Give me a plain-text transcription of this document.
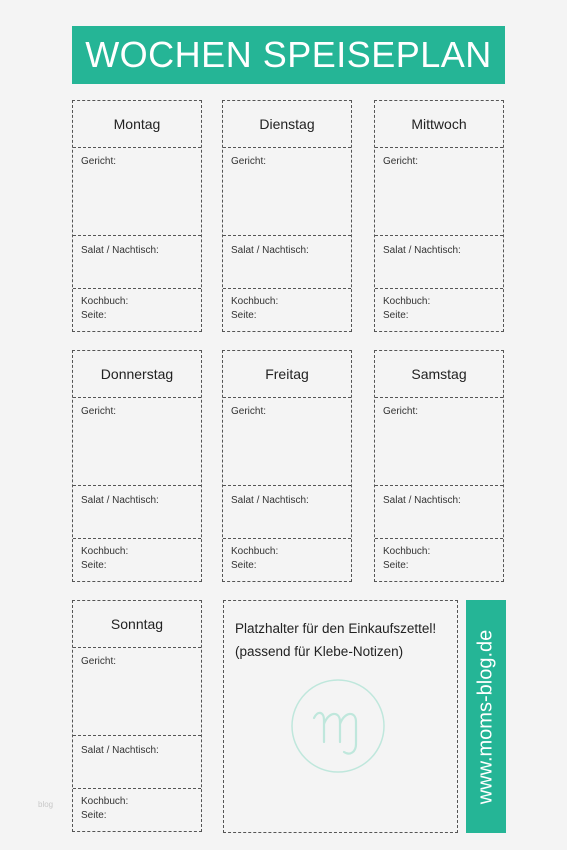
WOCHEN SPEISEPLAN
Montag
Gericht:
Salat / Nachtisch:
Kochbuch:
Seite:
Dienstag
Gericht:
Salat / Nachtisch:
Kochbuch:
Seite:
Mittwoch
Gericht:
Salat / Nachtisch:
Kochbuch:
Seite:
Donnerstag
Gericht:
Salat / Nachtisch:
Kochbuch:
Seite:
Freitag
Gericht:
Salat / Nachtisch:
Kochbuch:
Seite:
Samstag
Gericht:
Salat / Nachtisch:
Kochbuch:
Seite:
Sonntag
Gericht:
Salat / Nachtisch:
Kochbuch:
Seite:
Platzhalter für den Einkaufszettel!
(passend für Klebe-Notizen)	www.moms-blog.de
blog
